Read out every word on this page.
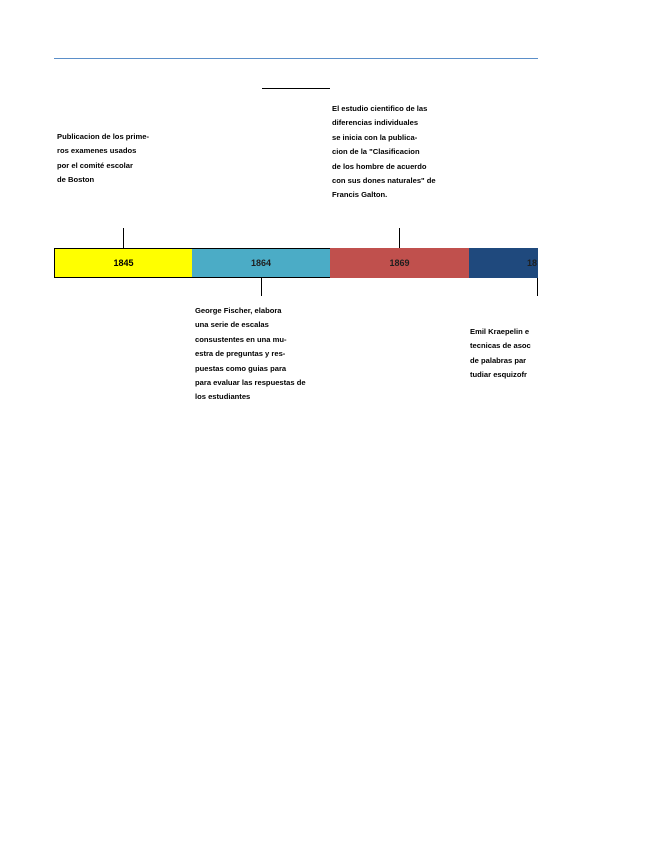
1845	1864	1869	18
Publicacion de los prime-
ros examenes usados
por el comité escolar
de Boston
George Fischer, elabora
una serie de escalas
consustentes en una mu-
estra de preguntas y res-
puestas como guias para
para evaluar las respuestas de
los estudiantes
El estudio cientifico de las
diferencias individuales
se inicia con la publica-
cion de la "Clasificacion
de los hombre de acuerdo
con sus dones naturales" de
Francis Galton.
Emil Kraepelin e
tecnicas de asoc
de palabras par
tudiar esquizofr
